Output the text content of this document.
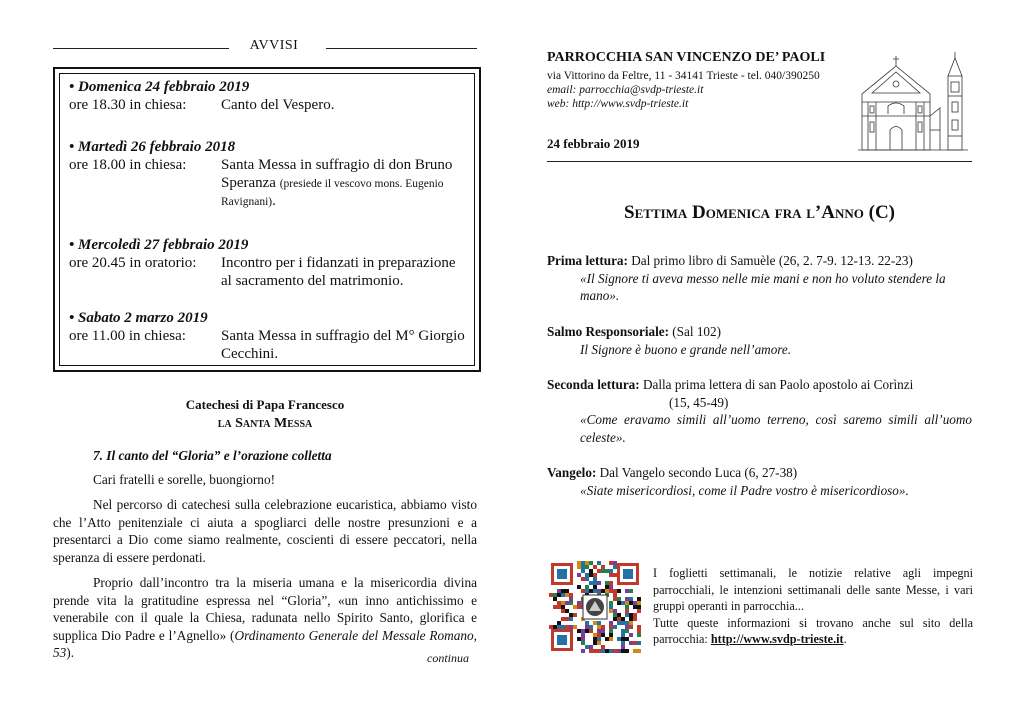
AVVISI
• Domenica 24 febbraio 2019
ore 18.30 in chiesa:	Canto del Vespero.
• Martedì 26 febbraio 2018
ore 18.00 in chiesa:	Santa Messa in suffragio di don Bruno Speranza (presiede il vescovo mons. Eugenio Ravignani).
• Mercoledì 27 febbraio 2019
ore 20.45 in oratorio:	Incontro per i fidanzati in preparazione al sacramento del matrimonio.
• Sabato 2 marzo 2019
ore 11.00 in chiesa:	Santa Messa in suffragio del M° Giorgio Cecchini.
Catechesi di Papa Francesco
la Santa Messa
7. Il canto del “Gloria” e l’orazione colletta
Cari fratelli e sorelle, buongiorno!
Nel percorso di catechesi sulla celebrazione eucaristica, abbiamo visto che l’Atto penitenziale ci aiuta a spogliarci delle nostre presunzioni e a presentarci a Dio come siamo realmente, coscienti di essere peccatori, nella speranza di essere perdonati.
Proprio dall’incontro tra la miseria umana e la misericordia divina prende vita la gratitudine espressa nel “Gloria”, «un inno antichissimo e venerabile con il quale la Chiesa, radunata nello Spirito Santo, glorifica e supplica Dio Padre e l’Agnello» (Ordinamento Generale del Messale Romano, 53).	continua
PARROCCHIA SAN VINCENZO DE’ PAOLI
via Vittorino da Feltre, 11 - 34141 Trieste - tel. 040/390250
email: parrocchia@svdp-trieste.it
web: http://www.svdp-trieste.it
24 febbraio 2019
Settima Domenica fra l’Anno (C)
Prima lettura: Dal primo libro di Samuèle (26, 2. 7-9. 12-13. 22-23)
«Il Signore ti aveva messo nelle mie mani e non ho voluto stendere la mano».
Salmo Responsoriale: (Sal 102)
Il Signore è buono e grande nell’amore.
Seconda lettura: Dalla prima lettera di san Paolo apostolo ai Corìnzi
(15, 45-49)
«Come eravamo simili all’uomo terreno, così saremo simili all’uomo celeste».
Vangelo: Dal Vangelo secondo Luca (6, 27-38)
«Siate misericordiosi, come il Padre vostro è misericordioso».
I foglietti settimanali, le notizie relative agli impegni parrocchiali, le intenzioni settimanali delle sante Messe, i vari gruppi operanti in parrocchia...
Tutte queste informazioni si trovano anche sul sito della parrocchia: http://www.svdp-trieste.it.
